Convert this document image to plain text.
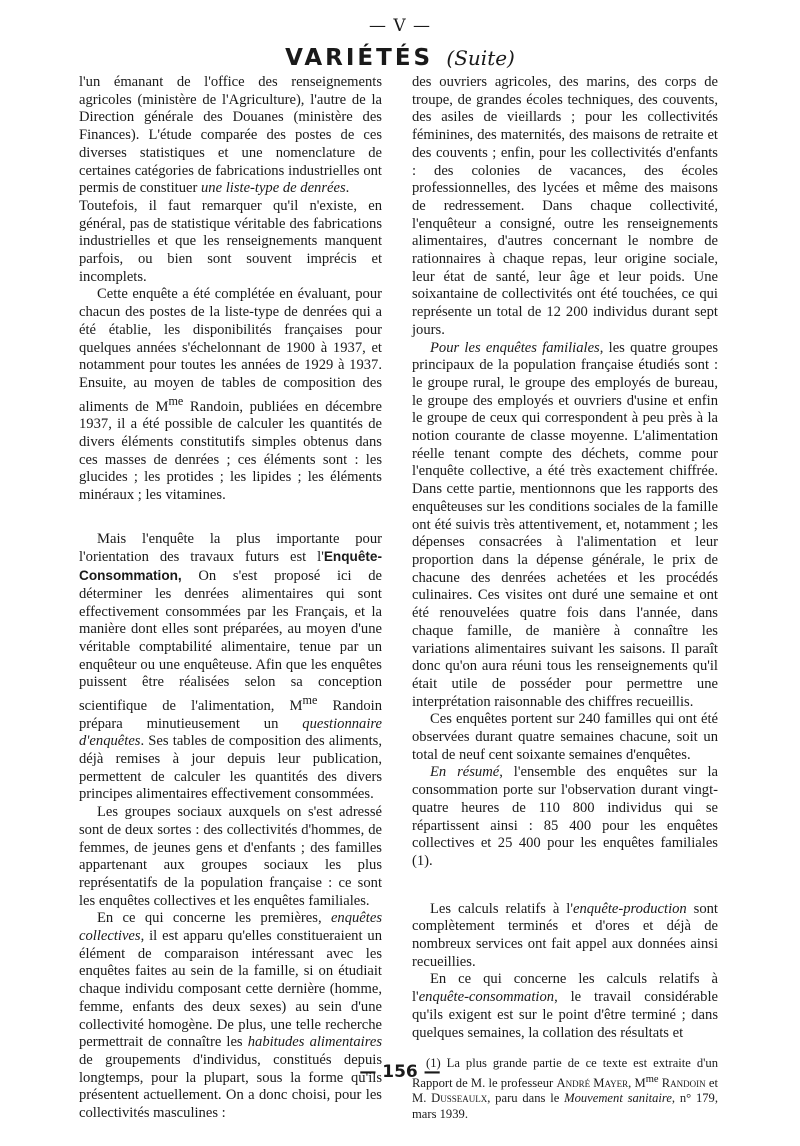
— V —
VARIÉTÉS (Suite)

l'un émanant de l'office des renseignements agricoles (ministère de l'Agriculture), l'autre de la Direction générale des Douanes (ministère des Finances). L'étude comparée des postes de ces diverses statistiques et une nomenclature de certaines catégories de fabrications industrielles ont permis de constituer une liste-type de denrées.

Toutefois, il faut remarquer qu'il n'existe, en général, pas de statistique véritable des fabrications industrielles et que les renseignements manquent parfois, ou bien sont souvent imprécis et incomplets.

Cette enquête a été complétée en évaluant, pour chacun des postes de la liste-type de denrées qui a été établie, les disponibilités françaises pour quelques années s'échelonnant de 1900 à 1937, et notamment pour toutes les années de 1929 à 1937. Ensuite, au moyen de tables de composition des aliments de $M^{me}$ Randoin, publiées en décembre 1937, il a été possible de calculer les quantités de divers éléments constitutifs simples obtenus dans ces masses de denrées ; ces éléments sont : les glucides ; les protides ; les lipides ; les éléments minéraux ; les vitamines.

Mais l'enquête la plus importante pour l'orientation des travaux futurs est l'Enquête-Consommation, On s'est proposé ici de déterminer les denrées alimentaires qui sont effectivement consommées par les Français, et la manière dont elles sont préparées, au moyen d'une véritable comptabilité alimentaire, tenue par un enquêteur ou une enquêteuse. Afin que les enquêtes puissent être réalisées selon sa conception scientifique de l'alimentation, $M^{me}$ Randoin prépara minutieusement un questionnaire d'enquêtes. Ses tables de composition des aliments, déjà remises à jour depuis leur publication, permettent de calculer les quantités des divers principes alimentaires effectivement consommées.

Les groupes sociaux auxquels on s'est adressé sont de deux sortes : des collectivités d'hommes, de femmes, de jeunes gens et d'enfants ; des familles appartenant aux groupes sociaux les plus représentatifs de la population française : ce sont les enquêtes collectives et les enquêtes familiales.

En ce qui concerne les premières, enquêtes collectives, il est apparu qu'elles constitueraient un élément de comparaison intéressant avec les enquêtes faites au sein de la famille, si on étudiait chaque individu composant cette dernière (homme, femme, enfants des deux sexes) au sein d'une collectivité homogène. De plus, une telle recherche permettrait de connaître les habitudes alimentaires de groupements d'individus, constitués depuis longtemps, pour la plupart, sous la forme qu'ils présentent actuellement. On a donc choisi, pour les collectivités masculines :

des ouvriers agricoles, des marins, des corps de troupe, de grandes écoles techniques, des couvents, des asiles de vieillards ; pour les collectivités féminines, des maternités, des maisons de retraite et des couvents ; enfin, pour les collectivités d'enfants : des colonies de vacances, des écoles professionnelles, des lycées et même des maisons de redressement. Dans chaque collectivité, l'enquêteur a consigné, outre les renseignements alimentaires, d'autres concernant le nombre de rationnaires à chaque repas, leur origine sociale, leur état de santé, leur âge et leur poids. Une soixantaine de collectivités ont été touchées, ce qui représente un total de 12 200 individus durant sept jours.

Pour les enquêtes familiales, les quatre groupes principaux de la population française étudiés sont : le groupe rural, le groupe des employés de bureau, le groupe des employés et ouvriers d'usine et enfin le groupe de ceux qui correspondent à peu près à la notion courante de classe moyenne. L'alimentation réelle tenant compte des déchets, comme pour l'enquête collective, a été très exactement chiffrée. Dans cette partie, mentionnons que les rapports des enquêteuses sur les conditions sociales de la famille ont été suivis très attentivement, et, notamment ; les dépenses consacrées à l'alimentation et leur proportion dans la dépense générale, le prix de chacune des denrées achetées et les procédés culinaires. Ces visites ont duré une semaine et ont été renouvelées quatre fois dans l'année, dans chaque famille, de manière à connaître les variations alimentaires suivant les saisons. Il paraît donc qu'on aura réuni tous les renseignements qu'il était utile de posséder pour permettre une interprétation raisonnable des chiffres recueillis.

Ces enquêtes portent sur 240 familles qui ont été observées durant quatre semaines chacune, soit un total de neuf cent soixante semaines d'enquêtes.

En résumé, l'ensemble des enquêtes sur la consommation porte sur l'observation durant vingt-quatre heures de 110 800 individus qui se répartissent ainsi : 85 400 pour les enquêtes collectives et 25 400 pour les enquêtes familiales (1).

Les calculs relatifs à l'enquête-production sont complètement terminés et d'ores et déjà de nombreux services ont fait appel aux données ainsi recueillies.

En ce qui concerne les calculs relatifs à l'enquête-consommation, le travail considérable qu'ils exigent est sur le point d'être terminé ; dans quelques semaines, la collation des résultats et

(1) La plus grande partie de ce texte est extraite d'un Rapport de M. le professeur André Mayer, $M^{me}$ Randoin et M. Dusseaulx, paru dans le Mouvement sanitaire, n° 179, mars 1939.

— 156 —
